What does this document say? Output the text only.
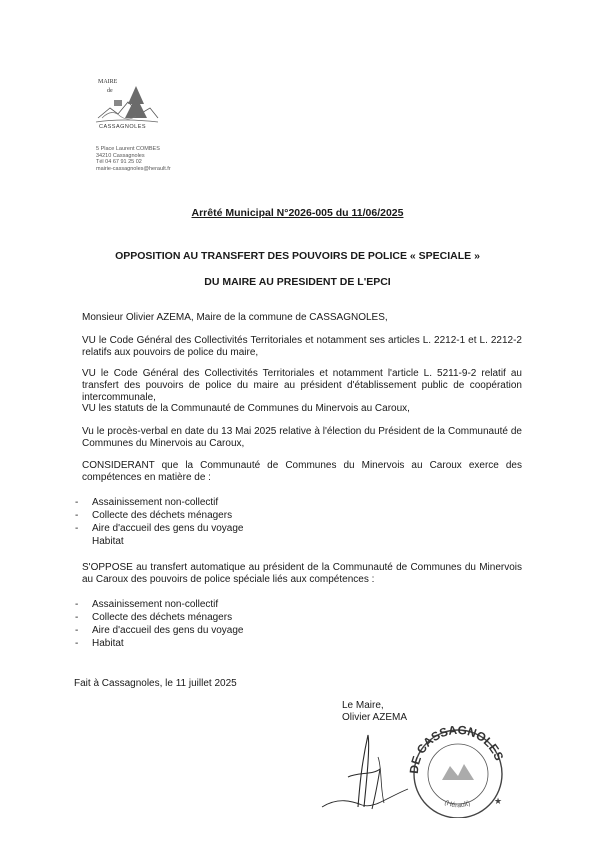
MAIRE
de
CASSAGNOLES
5 Place Laurent COMBES
34210 Cassagnoles
Tél 04 67 91 25 02
mairie-cassagnoles@herault.fr
Arrêté Municipal N°2026-005 du 11/06/2025
OPPOSITION AU TRANSFERT DES POUVOIRS DE POLICE « SPECIALE »
DU MAIRE AU PRESIDENT DE L'EPCI
Monsieur Olivier AZEMA, Maire de la commune de CASSAGNOLES,
VU le Code Général des Collectivités Territoriales et notamment ses articles L. 2212-1 et L. 2212-2 relatifs aux pouvoirs de police du maire,
VU le Code Général des Collectivités Territoriales et notamment l'article L. 5211-9-2 relatif au transfert des pouvoirs de police du maire au président d'établissement public de coopération intercommunale,
VU les statuts de la Communauté de Communes du Minervois au Caroux,
Vu le procès-verbal en date du 13 Mai 2025 relative à l'élection du Président de la Communauté de Communes du Minervois au Caroux,
CONSIDERANT que la Communauté de Communes du Minervois au Caroux exerce des compétences en matière de :
- Assainissement non-collectif
- Collecte des déchets ménagers
- Aire d'accueil des gens du voyage
Habitat
S'OPPOSE au transfert automatique au président de la Communauté de Communes du Minervois au Caroux des pouvoirs de police spéciale liés aux compétences :
- Assainissement non-collectif
- Collecte des déchets ménagers
- Aire d'accueil des gens du voyage
- Habitat
Fait à Cassagnoles, le 11 juillet 2025
Le Maire,
Olivier AZEMA
DE CASSAGNOLES
(Hérault)	★
